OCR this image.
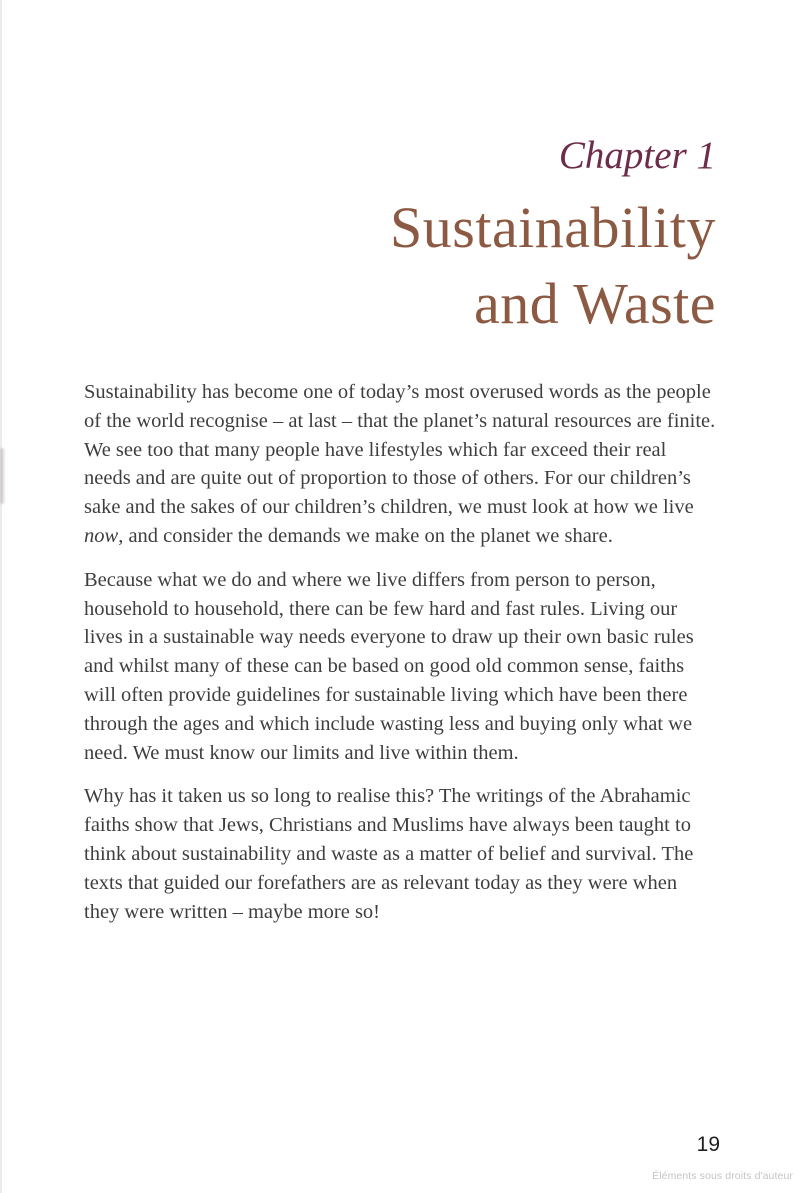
Chapter 1
Sustainability
and Waste

Sustainability has become one of today’s most overused words as the people of the world recognise – at last – that the planet’s natural resources are finite. We see too that many people have lifestyles which far exceed their real needs and are quite out of proportion to those of others. For our children’s sake and the sakes of our children’s children, we must look at how we live now, and consider the demands we make on the planet we share.

Because what we do and where we live differs from person to person, household to household, there can be few hard and fast rules. Living our lives in a sustainable way needs everyone to draw up their own basic rules and whilst many of these can be based on good old common sense, faiths will often provide guidelines for sustainable living which have been there through the ages and which include wasting less and buying only what we need. We must know our limits and live within them.

Why has it taken us so long to realise this? The writings of the Abrahamic faiths show that Jews, Christians and Muslims have always been taught to think about sustainability and waste as a matter of belief and survival. The texts that guided our forefathers are as relevant today as they were when they were written – maybe more so!

19
Éléments sous droits d'auteur
